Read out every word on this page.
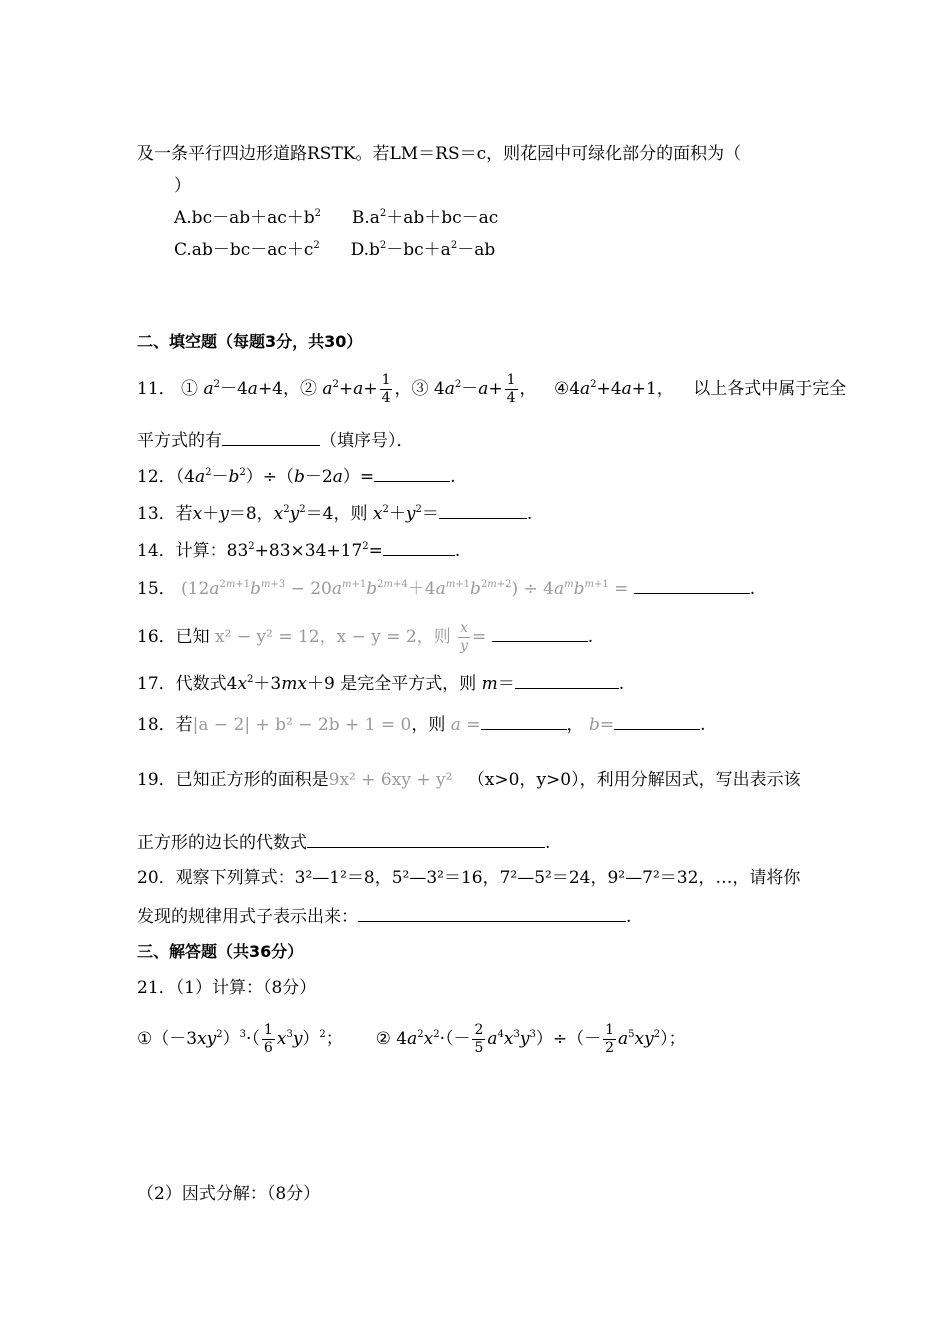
及一条平行四边形道路RSTK。若LM＝RS＝c，则花园中可绿化部分的面积为（
）
$A.bc-ab+ac+b^2$ $B.a^2+ab+bc-ac$
$C.ab-bc-ac+c^2$ $D.b^2-bc+a^2-ab$
二、填空题（每题3分，共30）
11． ① $a^2-4a+4$，② $a^2+a+ \frac{1}{4}$ ，③ $4a^2-a+ \frac{1}{4}$ ， $④4a^2+4a+1$， 以上各式中属于完全
平方式的有	（填序号）．
12．$(4a^2-b^2)\div(b-2a)=$	.
13．若x＋y＝8，$x^2y^2=4$，则 $x^2+y^2=$	.
14．计算：$83^2+83\times 34+17^2=$	.
15． $(12a^{2m+1}b^{m+3} - 20a^{m+1}b^{2m+4}+4a^{m+1}b^{2m+2}) \div 4a^mb^{m+1}$ =	.
16．已知 x² − y² = 12，x − y = 2，则 $\frac{x}{y}$ =	.
17．代数式$4x^2+3mx+9$ 是完全平方式，则 m＝	.
18．若|a − 2| + b² − 2b + 1 = 0，则 a =	， b=	.
19．已知正方形的面积是9x² + 6xy + y² （x>0，y>0），利用分解因式，写出表示该
正方形的边长的代数式	.
20．观察下列算式：3²—1²＝8，5²—3²＝16，7²—5²＝24，9²—7²＝32，…，请将你
发现的规律用式子表示出来：	.
三、解答题（共36分）
21．（1）计算：（8分）
$①(-3xy^2)^3\cdot( \frac{1}{6} x^3y)^2$； ② $4a^2x^2\cdot(- \frac{2}{5} a^4x^3y^3)\div(- \frac{1}{2} a^5xy^2)$；
（2）因式分解：（8分）
